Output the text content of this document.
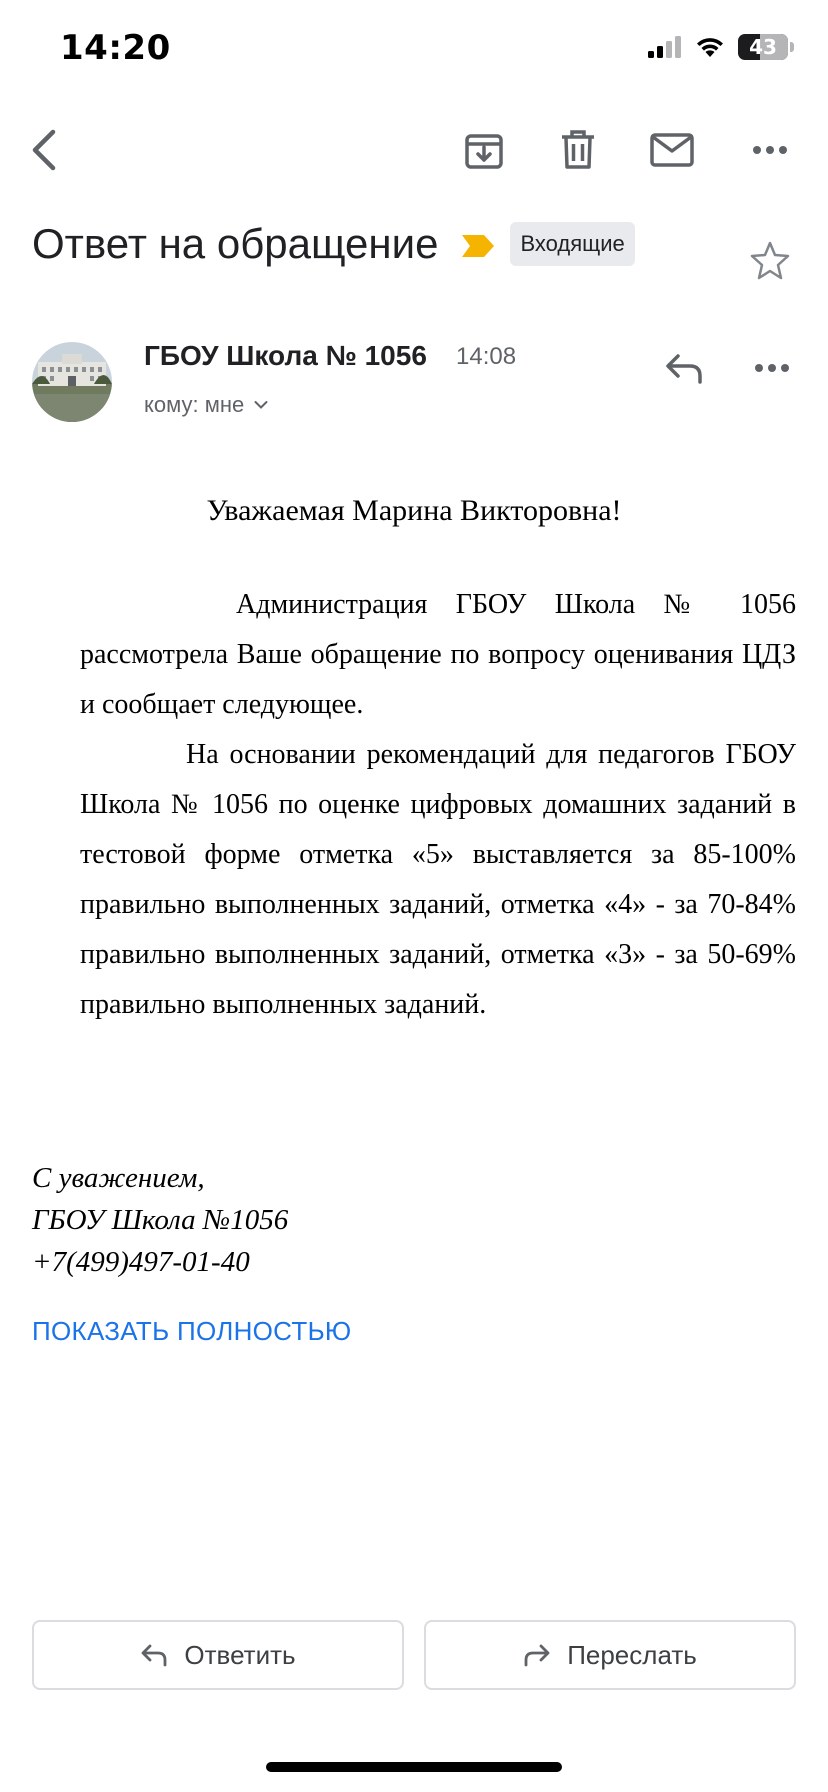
14:20	43
Ответ на обращение	Входящие
ГБОУ Школа № 1056 14:08
кому: мне
Уважаемая Марина Викторовна!
Администрация ГБОУ Школа № 1056 рассмотрела Ваше обращение по вопросу оценивания ЦДЗ и сообщает следующее.
На основании рекомендаций для педагогов ГБОУ Школа № 1056 по оценке цифровых домашних заданий в тестовой форме отметка «5» выставляется за 85-100% правильно выполненных заданий, отметка «4» - за 70-84% правильно выполненных заданий, отметка «3» - за 50-69% правильно выполненных заданий.
С уважением,
ГБОУ Школа №1056
+7(499)497-01-40
ПОКАЗАТЬ ПОЛНОСТЬЮ
Ответить	Переслать
